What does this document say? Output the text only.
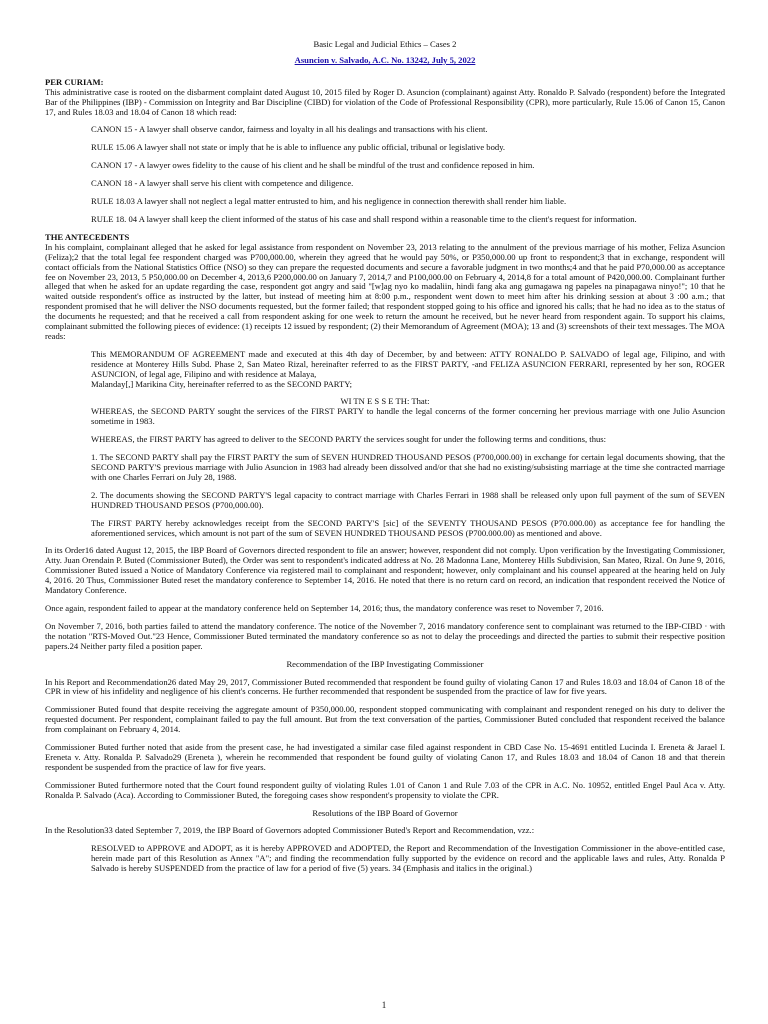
Basic Legal and Judicial Ethics – Cases 2
Asuncion v. Salvado, A.C. No. 13242, July 5, 2022
PER CURIAM:

This administrative case is rooted on the disbarment complaint dated August 10, 2015 filed by Roger D. Asuncion (complainant) against Atty. Ronaldo P. Salvado (respondent) before the Integrated Bar of the Philippines (IBP) - Commission on Integrity and Bar Discipline (CIBD) for violation of the Code of Professional Responsibility (CPR), more particularly, Rule 15.06 of Canon 15, Canon 17, and Rules 18.03 and 18.04 of Canon 18 which read:

CANON 15 - A lawyer shall observe candor, fairness and loyalty in all his dealings and transactions with his client.

RULE 15.06 A lawyer shall not state or imply that he is able to influence any public official, tribunal or legislative body.

CANON 17 - A lawyer owes fidelity to the cause of his client and he shall be mindful of the trust and confidence reposed in him.

CANON 18 - A lawyer shall serve his client with competence and diligence.

RULE 18.03 A lawyer shall not neglect a legal matter entrusted to him, and his negligence in connection therewith shall render him liable.

RULE 18. 04 A lawyer shall keep the client informed of the status of his case and shall respond within a reasonable time to the client's request for information.

THE ANTECEDENTS

In his complaint, complainant alleged that he asked for legal assistance from respondent on November 23, 2013 relating to the annulment of the previous marriage of his mother, Feliza Asuncion (Feliza);2 that the total legal fee respondent charged was P700,000.00, wherein they agreed that he would pay 50%, or P350,000.00 up front to respondent;3 that in exchange, respondent will contact officials from the National Statistics Office (NSO) so they can prepare the requested documents and secure a favorable judgment in two months;4 and that he paid P70,000.00 as acceptance fee on November 23, 2013, 5 P50,000.00 on December 4, 2013,6 P200,000.00 on January 7, 2014,7 and P100,000.00 on February 4, 2014,8 for a total amount of P420,000.00. Complainant further alleged that when he asked for an update regarding the case, respondent got angry and said "[w]ag nyo ko madaliin, hindi fang aka ang gumagawa ng papeles na pinapagawa ninyo!"; 10 that he waited outside respondent's office as instructed by the latter, but instead of meeting him at 8:00 p.m., respondent went down to meet him after his drinking session at about 3 :00 a.m.; that respondent promised that he will deliver the NSO documents requested, but the former failed; that respondent stopped going to his office and ignored his calls; that he had no idea as to the status of the documents he requested; and that he received a call from respondent asking for one week to return the amount he received, but he never heard from respondent again. To support his claims, complainant submitted the following pieces of evidence: (1) receipts 12 issued by respondent; (2) their Memorandum of Agreement (MOA); 13 and (3) screenshots of their text messages. The MOA reads:

This MEMORANDUM OF AGREEMENT made and executed at this 4th day of December, by and between: ATTY RONALDO P. SALVADO of legal age, Filipino, and with residence at Monterey Hills Subd. Phase 2, San Mateo Rizal, hereinafter referred to as the FIRST PARTY, -and FELIZA ASUNCION FERRARI, represented by her son, ROGER ASUNCION, of legal age, Filipino and with residence at Malaya,

Malanday[,] Marikina City, hereinafter referred to as the SECOND PARTY;

WI TN E S S E TH: That:

WHEREAS, the SECOND PARTY sought the services of the FIRST PARTY to handle the legal concerns of the former concerning her previous marriage with one Julio Asuncion sometime in 1983.

WHEREAS, the FIRST PARTY has agreed to deliver to the SECOND PARTY the services sought for under the following terms and conditions, thus:

1. The SECOND PARTY shall pay the FIRST PARTY the sum of SEVEN HUNDRED THOUSAND PESOS (P700,000.00) in exchange for certain legal documents showing, that the SECOND PARTY'S previous marriage with Julio Asuncion in 1983 had already been dissolved and/or that she had no existing/subsisting marriage at the time she contracted marriage with one Charles Ferrari on July 28, 1988.

2. The documents showing the SECOND PARTY'S legal capacity to contract marriage with Charles Ferrari in 1988 shall be released only upon full payment of the sum of SEVEN HUNDRED THOUSAND PESOS (P700,000.00).

The FIRST PARTY hereby acknowledges receipt from the SECOND PARTY'S [sic] of the SEVENTY THOUSAND PESOS (P70.000.00) as acceptance fee for handling the aforementioned services, which amount is not part of the sum of SEVEN HUNDRED THOUSAND PESOS (P700.000.00) as mentioned and above.

In its Order16 dated August 12, 2015, the IBP Board of Governors directed respondent to file an answer; however, respondent did not comply. Upon verification by the Investigating Commissioner, Atty. Juan Orendain P. Buted (Commissioner Buted), the Order was sent to respondent's indicated address at No. 28 Madonna Lane, Monterey Hills Subdivision, San Mateo, Rizal. On June 9, 2016, Commissioner Buted issued a Notice of Mandatory Conference via registered mail to complainant and respondent; however, only complainant and his counsel appeared at the hearing held on July 4, 2016. 20 Thus, Commissioner Buted reset the mandatory conference to September 14, 2016. He noted that there is no return card on record, an indication that respondent received the Notice of Mandatory Conference.

Once again, respondent failed to appear at the mandatory conference held on September 14, 2016; thus, the mandatory conference was reset to November 7, 2016.

On November 7, 2016, both parties failed to attend the mandatory conference. The notice of the November 7, 2016 mandatory conference sent to complainant was returned to the IBP-CIBD · with the notation "RTS-Moved Out."23 Hence, Commissioner Buted terminated the mandatory conference so as not to delay the proceedings and directed the parties to submit their respective position papers.24 Neither party filed a position paper.

Recommendation of the IBP Investigating Commissioner

In his Report and Recommendation26 dated May 29, 2017, Commissioner Buted recommended that respondent be found guilty of violating Canon 17 and Rules 18.03 and 18.04 of Canon 18 of the CPR in view of his infidelity and negligence of his client's concerns. He further recommended that respondent be suspended from the practice of law for five years.

Commissioner Buted found that despite receiving the aggregate amount of P350,000.00, respondent stopped communicating with complainant and respondent reneged on his duty to deliver the requested document. Per respondent, complainant failed to pay the full amount. But from the text conversation of the parties, Commissioner Buted concluded that respondent received the balance from complainant on February 4, 2014.

Commissioner Buted further noted that aside from the present case, he had investigated a similar case filed against respondent in CBD Case No. 15-4691 entitled Lucinda I. Ereneta & Jarael I. Ereneta v. Atty. Ronalda P. Salvado29 (Ereneta ), wherein he recommended that respondent be found guilty of violating Canon 17, and Rules 18.03 and 18.04 of Canon 18 and that therein respondent be suspended from the practice of law for five years.

Commissioner Buted furthermore noted that the Court found respondent guilty of violating Rules 1.01 of Canon 1 and Rule 7.03 of the CPR in A.C. No. 10952, entitled Engel Paul Aca v. Atty. Ronalda P. Salvado (Aca). According to Commissioner Buted, the foregoing cases show respondent's propensity to violate the CPR.

Resolutions of the IBP Board of Governor

In the Resolution33 dated September 7, 2019, the IBP Board of Governors adopted Commissioner Buted's Report and Recommendation, vzz.:

RESOLVED to APPROVE and ADOPT, as it is hereby APPROVED and ADOPTED, the Report and Recommendation of the Investigation Commissioner in the above-entitled case, herein made part of this Resolution as Annex "A"; and finding the recommendation fully supported by the evidence on record and the applicable laws and rules, Atty. Ronalda P Salvado is hereby SUSPENDED from the practice of law for a period of five (5) years. 34 (Emphasis and italics in the original.)

1
